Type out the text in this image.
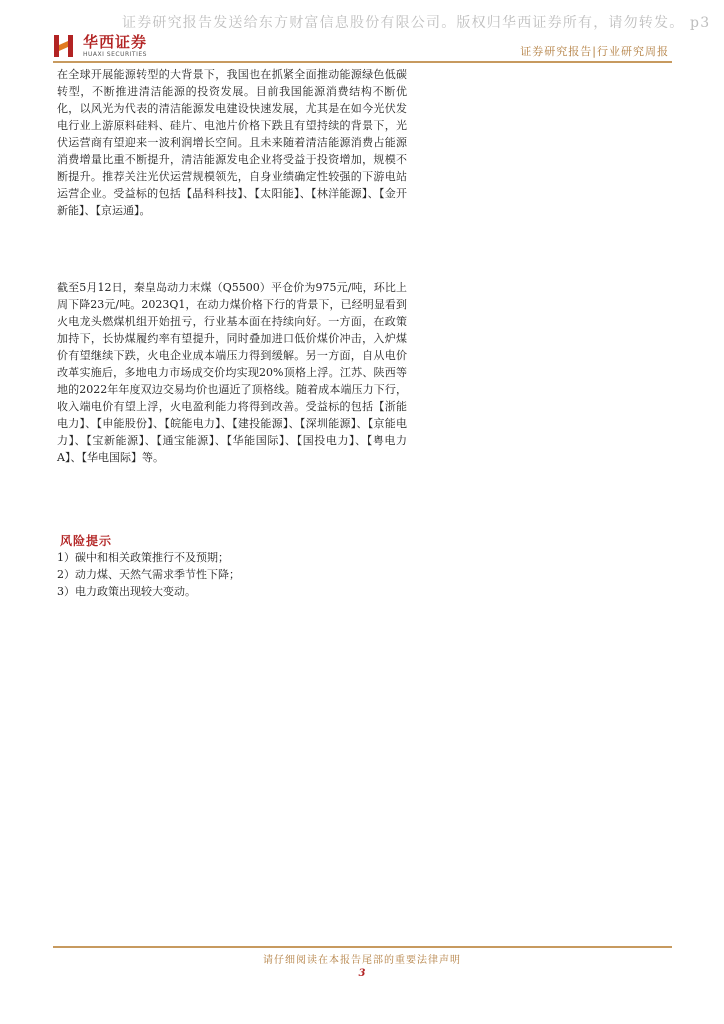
证券研究报告发送给东方财富信息股份有限公司。版权归华西证券所有，请勿转发。 p3
华西证券
HUAXI SECURITIES	证券研究报告|行业研究周报
在全球开展能源转型的大背景下，我国也在抓紧全面推动能源绿色低碳转型，不断推进清洁能源的投资发展。目前我国能源消费结构不断优化，以风光为代表的清洁能源发电建设快速发展，尤其是在如今光伏发电行业上游原料硅料、硅片、电池片价格下跌且有望持续的背景下，光伏运营商有望迎来一波利润增长空间。且未来随着清洁能源消费占能源消费增量比重不断提升，清洁能源发电企业将受益于投资增加，规模不断提升。推荐关注光伏运营规模领先，自身业绩确定性较强的下游电站运营企业。受益标的包括【晶科科技】、【太阳能】、【林洋能源】、【金开新能】、【京运通】。
截至5月12日，秦皇岛动力末煤（Q5500）平仓价为975元/吨，环比上周下降23元/吨。2023Q1，在动力煤价格下行的背景下，已经明显看到火电龙头燃煤机组开始扭亏，行业基本面在持续向好。一方面，在政策加持下，长协煤履约率有望提升，同时叠加进口低价煤价冲击，入炉煤价有望继续下跌，火电企业成本端压力得到缓解。另一方面，自从电价改革实施后，多地电力市场成交价均实现20%顶格上浮。江苏、陕西等地的2022年年度双边交易均价也逼近了顶格线。随着成本端压力下行，收入端电价有望上浮，火电盈利能力将得到改善。受益标的包括【浙能电力】、【申能股份】、【皖能电力】、【建投能源】、【深圳能源】、【京能电力】、【宝新能源】、【通宝能源】、【华能国际】、【国投电力】、【粤电力A】、【华电国际】等。
风险提示
1）碳中和相关政策推行不及预期；
2）动力煤、天然气需求季节性下降；
3）电力政策出现较大变动。
请仔细阅读在本报告尾部的重要法律声明
3
